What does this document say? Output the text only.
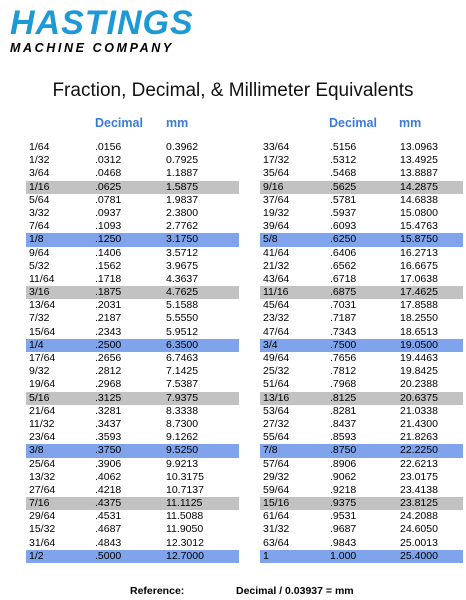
HASTINGS
MACHINE COMPANY
Fraction, Decimal, & Millimeter Equivalents
Decimal mm	Decimal mm
1/64	.0156	0.3962	33/64	.5156	13.0963
1/32	.0312	0.7925	17/32	.5312	13.4925
3/64	.0468	1.1887	35/64	.5468	13.8887
1/16	.0625	1.5875	9/16	.5625	14.2875
5/64	.0781	1.9837	37/64	.5781	14.6838
3/32	.0937	2.3800	19/32	.5937	15.0800
7/64	.1093	2.7762	39/64	.6093	15.4763
1/8	.1250	3.1750	5/8	.6250	15.8750
9/64	.1406	3.5712	41/64	.6406	16.2713
5/32	.1562	3.9675	21/32	.6562	16.6675
11/64	.1718	4.3637	43/64	.6718	17.0638
3/16	.1875	4.7625	11/16	.6875	17.4625
13/64	.2031	5.1588	45/64	.7031	17.8588
7/32	.2187	5.5550	23/32	.7187	18.2550
15/64	.2343	5.9512	47/64	.7343	18.6513
1/4	.2500	6.3500	3/4	.7500	19.0500
17/64	.2656	6.7463	49/64	.7656	19.4463
9/32	.2812	7.1425	25/32	.7812	19.8425
19/64	.2968	7.5387	51/64	.7968	20.2388
5/16	.3125	7.9375	13/16	.8125	20.6375
21/64	.3281	8.3338	53/64	.8281	21.0338
11/32	.3437	8.7300	27/32	.8437	21.4300
23/64	.3593	9.1262	55/64	.8593	21.8263
3/8	.3750	9.5250	7/8	.8750	22.2250
25/64	.3906	9.9213	57/64	.8906	22.6213
13/32	.4062	10.3175	29/32	.9062	23.0175
27/64	.4218	10.7137	59/64	.9218	23.4138
7/16	.4375	11.1125	15/16	.9375	23.8125
29/64	.4531	11.5088	61/64	.9531	24.2088
15/32	.4687	11.9050	31/32	.9687	24.6050
31/64	.4843	12.3012	63/64	.9843	25.0013
1/2	.5000	12.7000	1	1.000	25.4000
Reference:	Decimal / 0.03937 = mm
